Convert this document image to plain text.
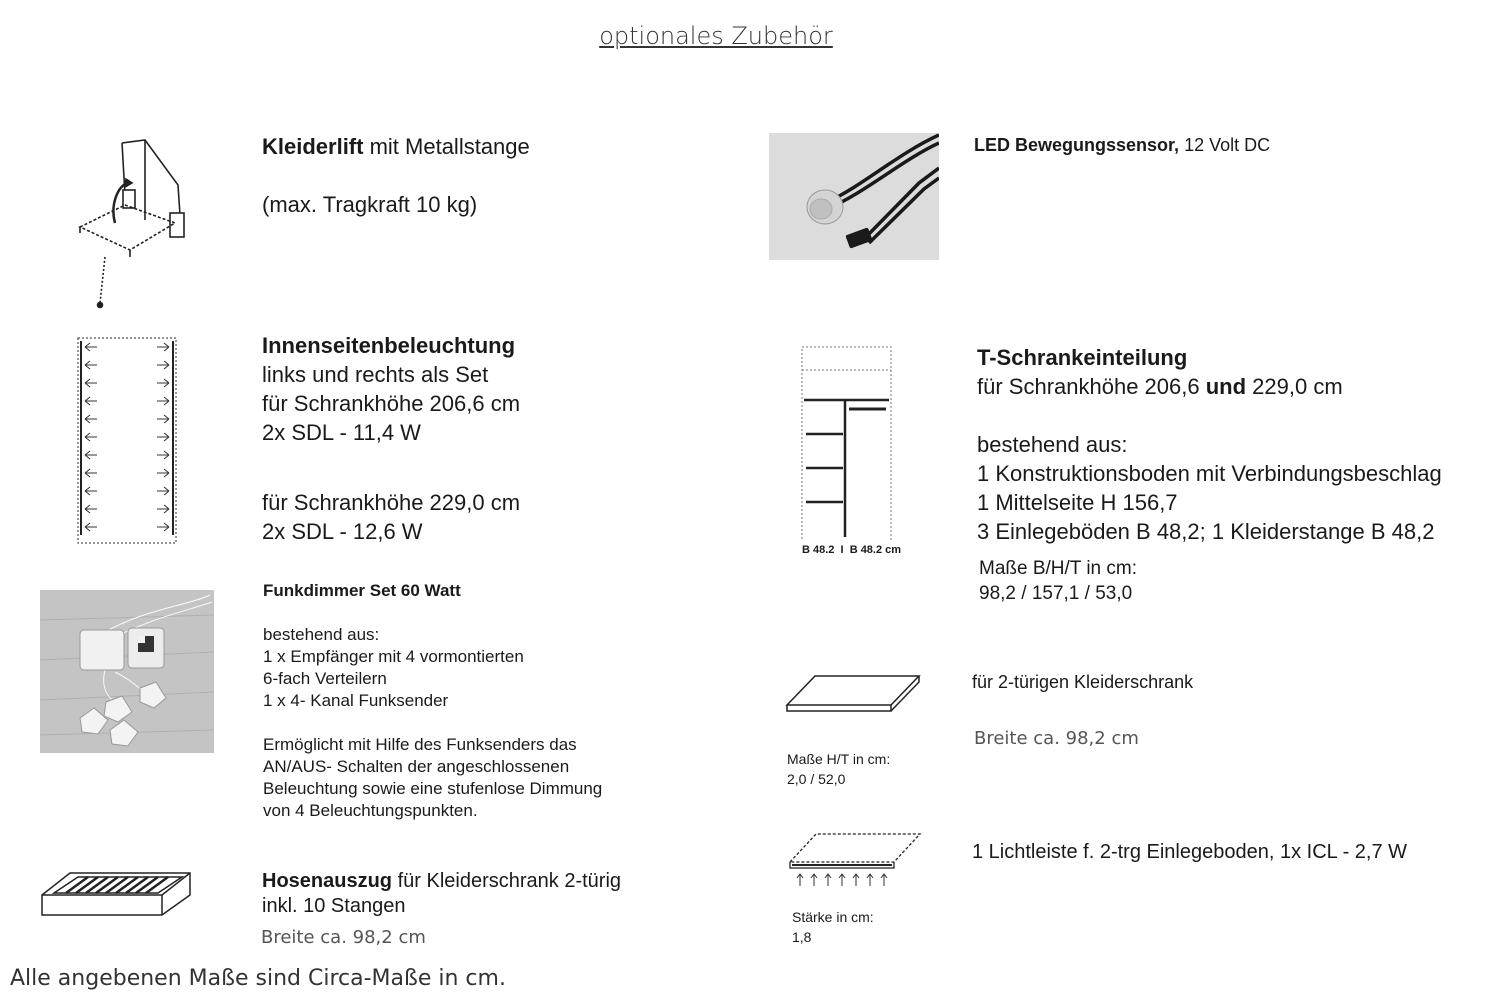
optionales Zubehör
Kleiderlift mit Metallstange
(max. Tragkraft 10 kg)
Innenseitenbeleuchtung
links und rechts als Set
für Schrankhöhe 206,6 cm
2x SDL - 11,4 W
für Schrankhöhe 229,0 cm
2x SDL - 12,6 W
Funkdimmer Set 60 Watt
bestehend aus:
1 x Empfänger mit 4 vormontierten
6-fach Verteilern
1 x 4- Kanal Funksender
Ermöglicht mit Hilfe des Funksenders das
AN/AUS- Schalten der angeschlossenen
Beleuchtung sowie eine stufenlose Dimmung
von 4 Beleuchtungspunkten.
Hosenauszug für Kleiderschrank 2-türig
inkl. 10 Stangen
Breite ca. 98,2 cm
LED Bewegungssensor, 12 Volt DC
B 48.2  I  B 48.2 cm
T-Schrankeinteilung
für Schrankhöhe 206,6 und 229,0 cm
bestehend aus:
1 Konstruktionsboden mit Verbindungsbeschlag
1 Mittelseite H 156,7
3 Einlegeböden B 48,2; 1 Kleiderstange B 48,2
Maße B/H/T in cm:
98,2 / 157,1 / 53,0
Maße H/T in cm:
2,0 / 52,0
für 2-türigen Kleiderschrank
Breite ca. 98,2 cm
Stärke in cm:
1,8
1 Lichtleiste f. 2-trg Einlegeboden, 1x ICL - 2,7 W
Alle angebenen Maße sind Circa-Maße in cm.
